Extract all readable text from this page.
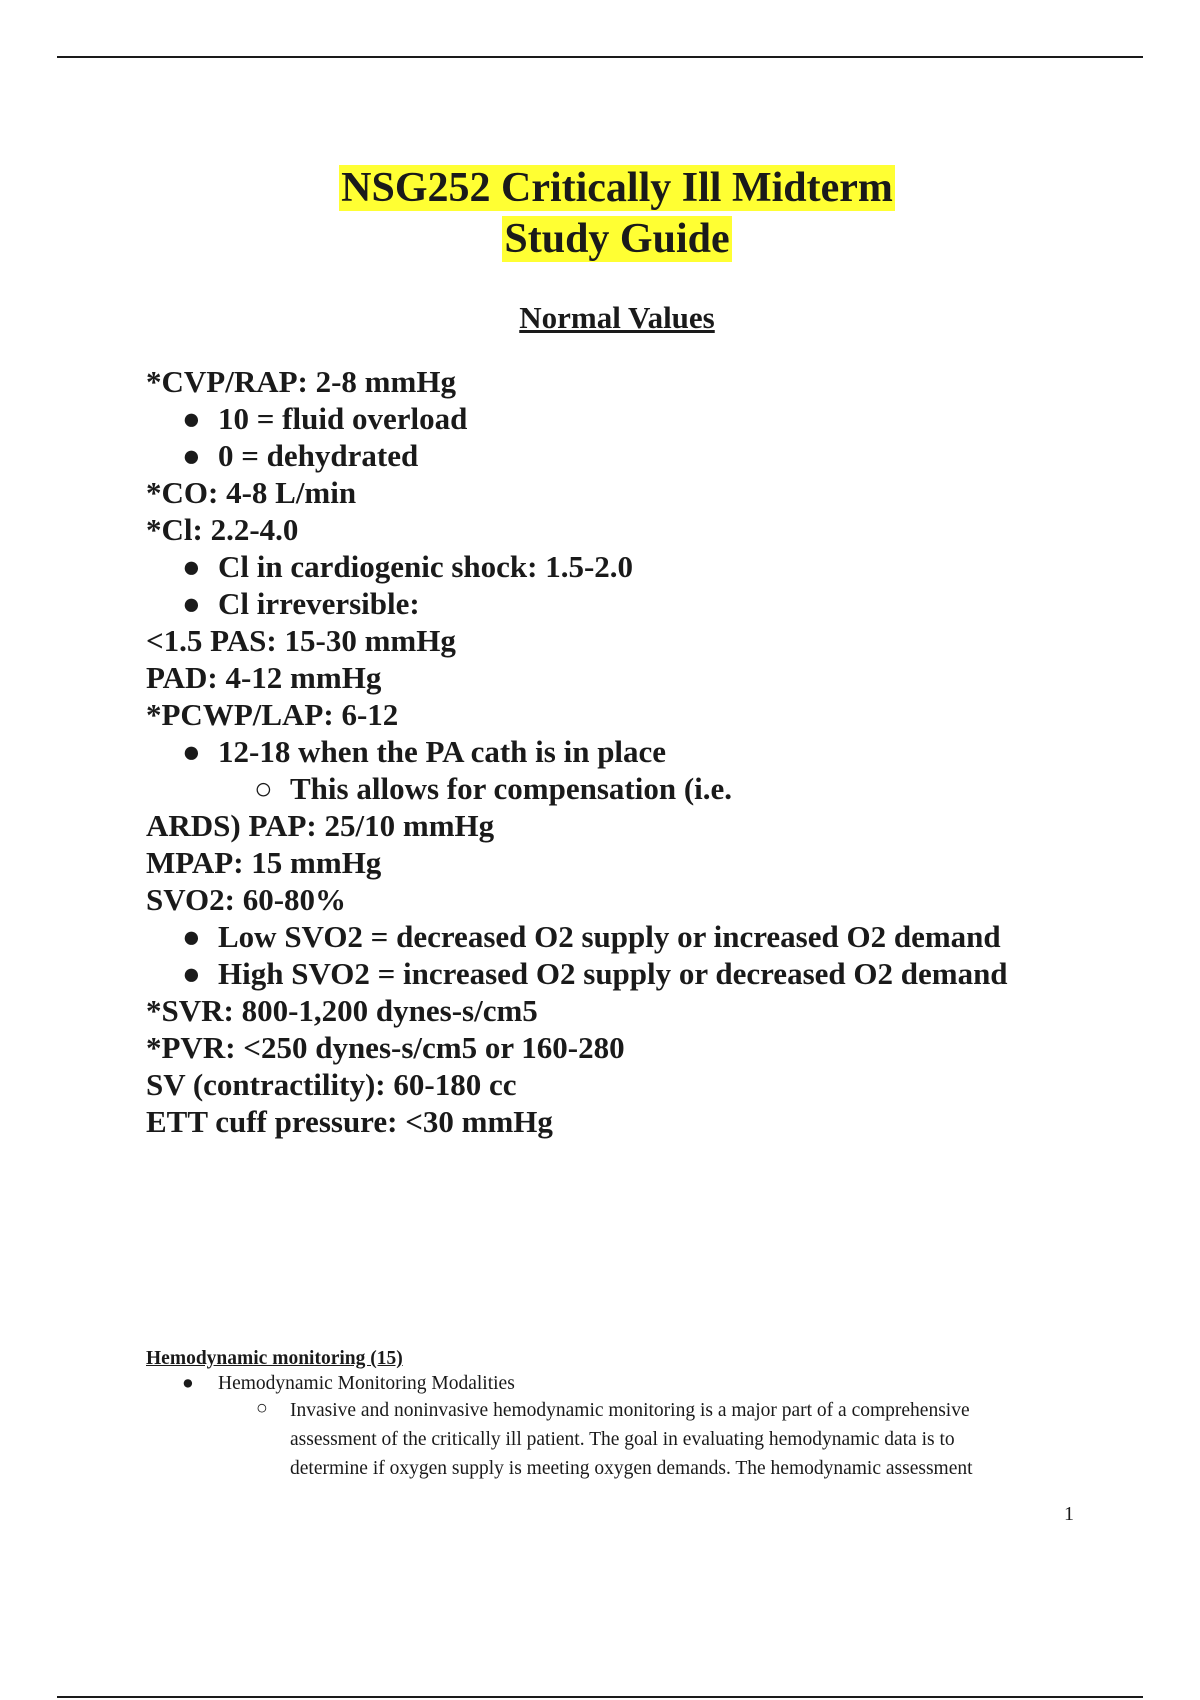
NSG252 Critically Ill Midterm
Study Guide
Normal Values
*CVP/RAP: 2-8 mmHg
● 10 = fluid overload
● 0 = dehydrated
*CO: 4-8 L/min
*Cl: 2.2-4.0
● Cl in cardiogenic shock: 1.5-2.0
● Cl irreversible:
<1.5 PAS: 15-30 mmHg
PAD: 4-12 mmHg
*PCWP/LAP: 6-12
● 12-18 when the PA cath is in place
○ This allows for compensation (i.e.
ARDS) PAP: 25/10 mmHg
MPAP: 15 mmHg
SVO2: 60-80%
● Low SVO2 = decreased O2 supply or increased O2 demand
● High SVO2 = increased O2 supply or decreased O2 demand
*SVR: 800-1,200 dynes-s/cm5
*PVR: <250 dynes-s/cm5 or 160-280
SV (contractility): 60-180 cc
ETT cuff pressure: <30 mmHg
Hemodynamic monitoring (15)
● Hemodynamic Monitoring Modalities
○	Invasive and noninvasive hemodynamic monitoring is a major part of a comprehensive
assessment of the critically ill patient. The goal in evaluating hemodynamic data is to
determine if oxygen supply is meeting oxygen demands. The hemodynamic assessment
1
